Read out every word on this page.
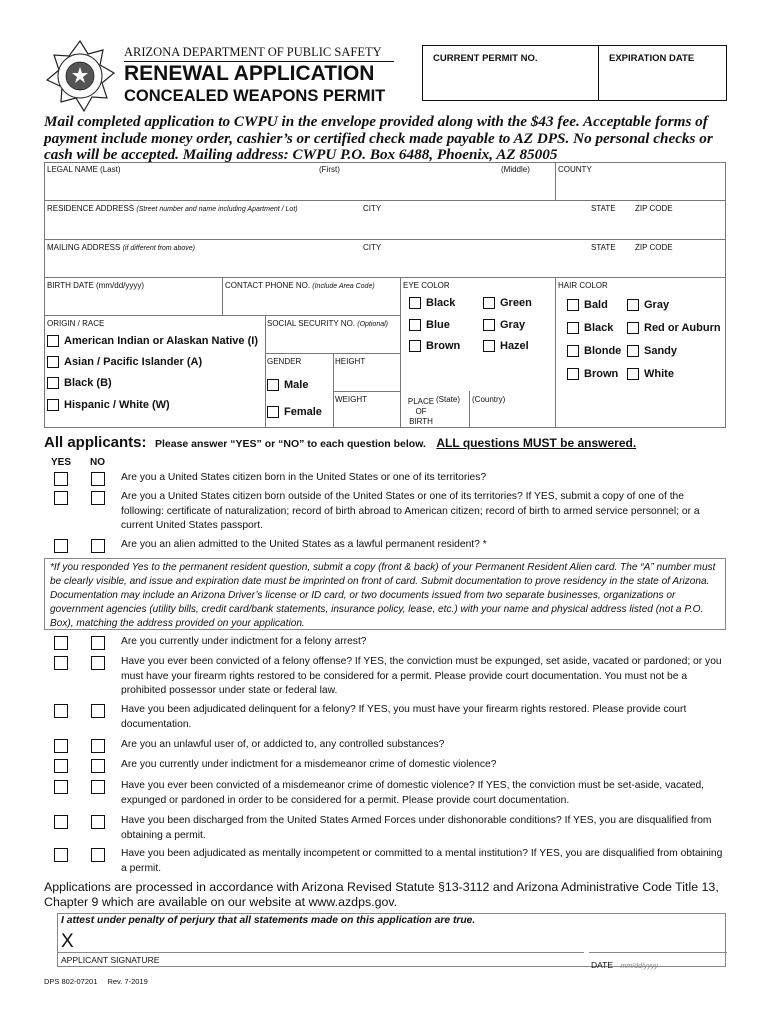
ARIZONA DEPARTMENT OF PUBLIC SAFETY
RENEWAL APPLICATION
CONCEALED WEAPONS PERMIT
CURRENT PERMIT NO.	EXPIRATION DATE
Mail completed application to CWPU in the envelope provided along with the $43 fee. Acceptable forms of payment include money order, cashier’s or certified check made payable to AZ DPS. No personal checks or cash will be accepted. Mailing address: CWPU P.O. Box 6488, Phoenix, AZ 85005
LEGAL NAME (Last)	(First)	(Middle)	COUNTY
RESIDENCE ADDRESS (Street number and name including Apartment / Lot)	CITY	STATE ZIP CODE
MAILING ADDRESS (if different from above)	CITY	STATE ZIP CODE
BIRTH DATE (mm/dd/yyyy)	CONTACT PHONE NO. (Include Area Code)	EYE COLOR	HAIR COLOR
Black	Green
Blue	Gray
Brown	Hazel
Bald	Gray
Black	Red or Auburn
Blonde Sandy
Brown White
ORIGIN / RACE	SOCIAL SECURITY NO. (Optional)
American Indian or Alaskan Native (I)
Asian / Pacific Islander (A)
Black (B)
Hispanic / White (W)
GENDER	HEIGHT
Male
Female
WEIGHT	PLACE OF BIRTH
(State) (Country)
All applicants: Please answer “YES” or “NO” to each question below. ALL questions MUST be answered.
YES NO
Are you a United States citizen born in the United States or one of its territories?
Are you a United States citizen born outside of the United States or one of its territories? If YES, submit a copy of one of the following: certificate of naturalization; record of birth abroad to American citizen; record of birth to armed service personnel; or a current United States passport.
Are you an alien admitted to the United States as a lawful permanent resident? *
*If you responded Yes to the permanent resident question, submit a copy (front & back) of your Permanent Resident Alien card. The “A” number must be clearly visible, and issue and expiration date must be imprinted on front of card. Submit documentation to prove residency in the state of Arizona. Documentation may include an Arizona Driver’s license or ID card, or two documents issued from two separate businesses, organizations or government agencies (utility bills, credit card/bank statements, insurance policy, lease, etc.) with your name and physical address listed (not a P.O. Box), matching the address provided on your application.
Are you currently under indictment for a felony arrest?
Have you ever been convicted of a felony offense? If YES, the conviction must be expunged, set aside, vacated or pardoned; or you must have your firearm rights restored to be considered for a permit. Please provide court documentation. You must not be a prohibited possessor under state or federal law.
Have you been adjudicated delinquent for a felony? If YES, you must have your firearm rights restored. Please provide court documentation.
Are you an unlawful user of, or addicted to, any controlled substances?
Are you currently under indictment for a misdemeanor crime of domestic violence?
Have you ever been convicted of a misdemeanor crime of domestic violence? If YES, the conviction must be set-aside, vacated, expunged or pardoned in order to be considered for a permit. Please provide court documentation.
Have you been discharged from the United States Armed Forces under dishonorable conditions? If YES, you are disqualified from obtaining a permit.
Have you been adjudicated as mentally incompetent or committed to a mental institution? If YES, you are disqualified from obtaining a permit.
Applications are processed in accordance with Arizona Revised Statute §13-3112 and Arizona Administrative Code Title 13, Chapter 9 which are available on our website at www.azdps.gov.
I attest under penalty of perjury that all statements made on this application are true.
X
APPLICANT SIGNATURE	DATE mm/dd/yyyy
DPS 802-07201 Rev. 7-2019
